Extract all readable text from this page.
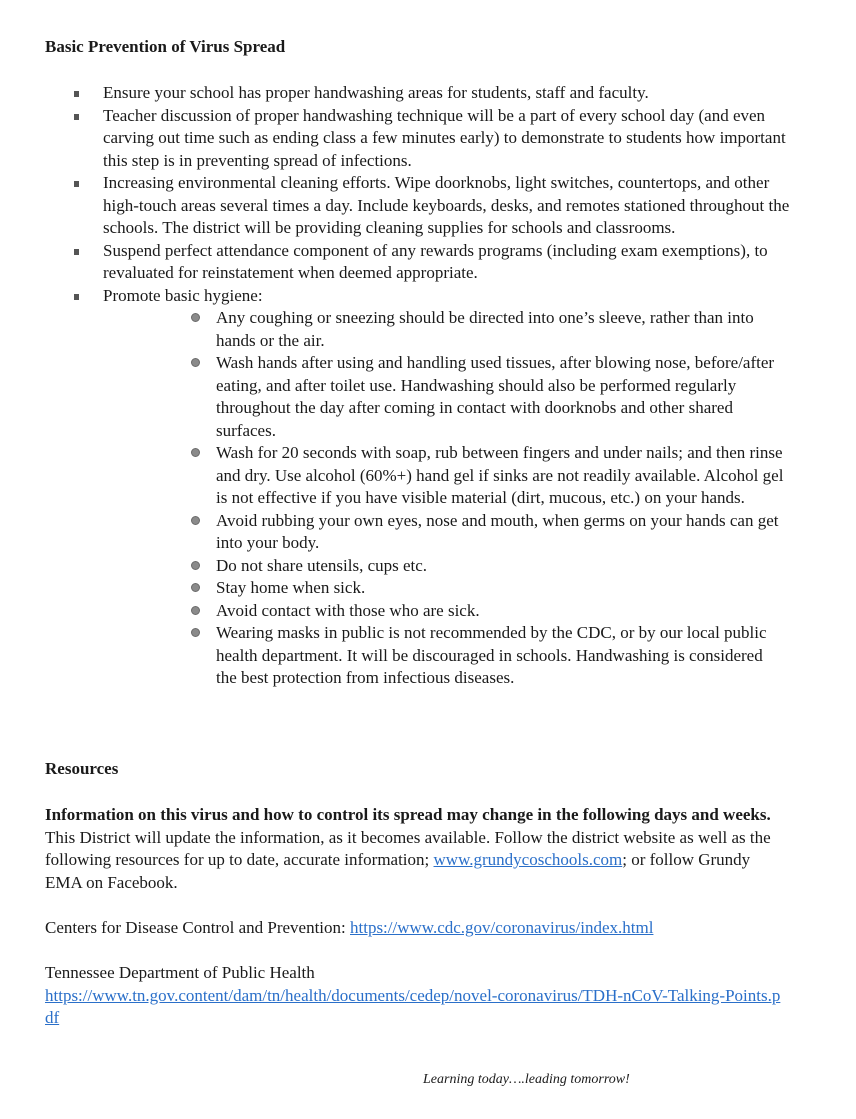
Basic Prevention of Virus Spread
Ensure your school has proper handwashing areas for students, staff and faculty.
Teacher discussion of proper handwashing technique will be a part of every school day (and even carving out time such as ending class a few minutes early) to demonstrate to students how important this step is in preventing spread of infections.
Increasing environmental cleaning efforts. Wipe doorknobs, light switches, countertops, and other high-touch areas several times a day. Include keyboards, desks, and remotes stationed throughout the schools. The district will be providing cleaning supplies for schools and classrooms.
Suspend perfect attendance component of any rewards programs (including exam exemptions), to revaluated for reinstatement when deemed appropriate.
Promote basic hygiene:
Any coughing or sneezing should be directed into one’s sleeve, rather than into hands or the air.
Wash hands after using and handling used tissues, after blowing nose, before/after eating, and after toilet use. Handwashing should also be performed regularly throughout the day after coming in contact with doorknobs and other shared surfaces.
Wash for 20 seconds with soap, rub between fingers and under nails; and then rinse and dry. Use alcohol (60%+) hand gel if sinks are not readily available. Alcohol gel is not effective if you have visible material (dirt, mucous, etc.) on your hands.
Avoid rubbing your own eyes, nose and mouth, when germs on your hands can get into your body.
Do not share utensils, cups etc.
Stay home when sick.
Avoid contact with those who are sick.
Wearing masks in public is not recommended by the CDC, or by our local public health department. It will be discouraged in schools. Handwashing is considered the best protection from infectious diseases.
Resources

Information on this virus and how to control its spread may change in the following days and weeks. This District will update the information, as it becomes available. Follow the district website as well as the following resources for up to date, accurate information; www.grundycoschools.com; or follow Grundy EMA on Facebook.

Centers for Disease Control and Prevention: https://www.cdc.gov/coronavirus/index.html

Tennessee Department of Public Health
https://www.tn.gov.content/dam/tn/health/documents/cedep/novel-coronavirus/TDH-nCoV-Talking-Points.pdf
Learning today….leading tomorrow!
